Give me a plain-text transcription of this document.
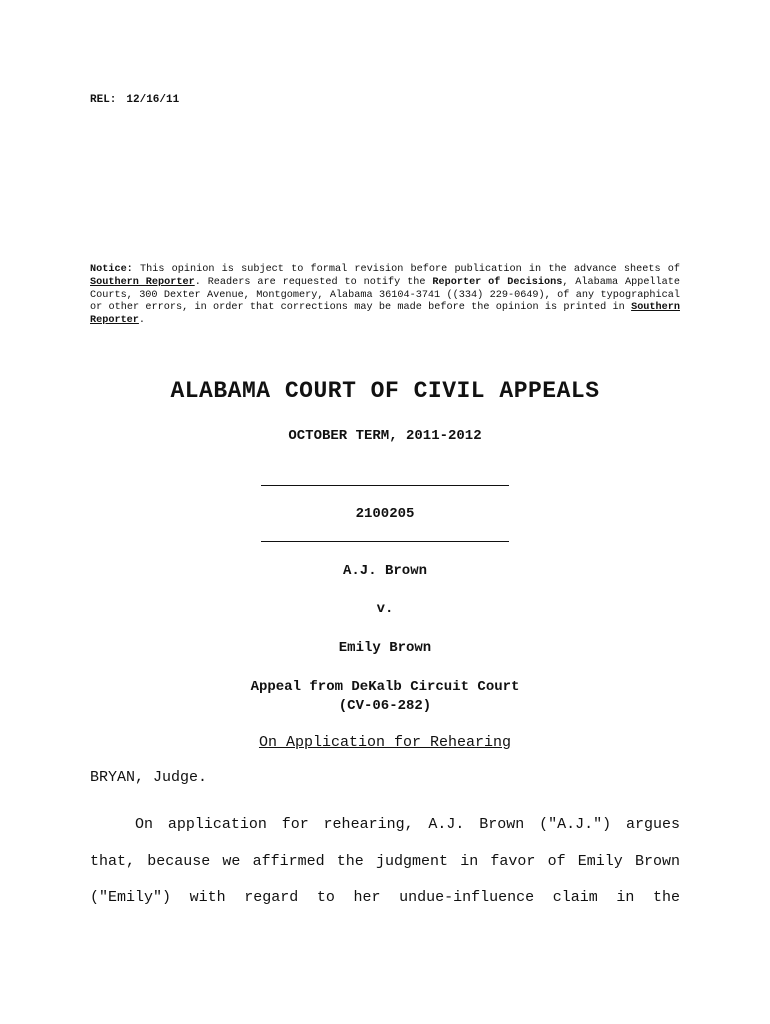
REL: 12/16/11
Notice: This opinion is subject to formal revision before publication in the advance sheets of Southern Reporter. Readers are requested to notify the Reporter of Decisions, Alabama Appellate Courts, 300 Dexter Avenue, Montgomery, Alabama 36104-3741 ((334) 229-0649), of any typographical or other errors, in order that corrections may be made before the opinion is printed in Southern Reporter.
ALABAMA COURT OF CIVIL APPEALS
OCTOBER TERM, 2011-2012
2100205
A.J. Brown
v.
Emily Brown
Appeal from DeKalb Circuit Court
(CV-06-282)
On Application for Rehearing
BRYAN, Judge.
On application for rehearing, A.J. Brown ("A.J.") argues that, because we affirmed the judgment in favor of Emily Brown ("Emily") with regard to her undue-influence claim in the
